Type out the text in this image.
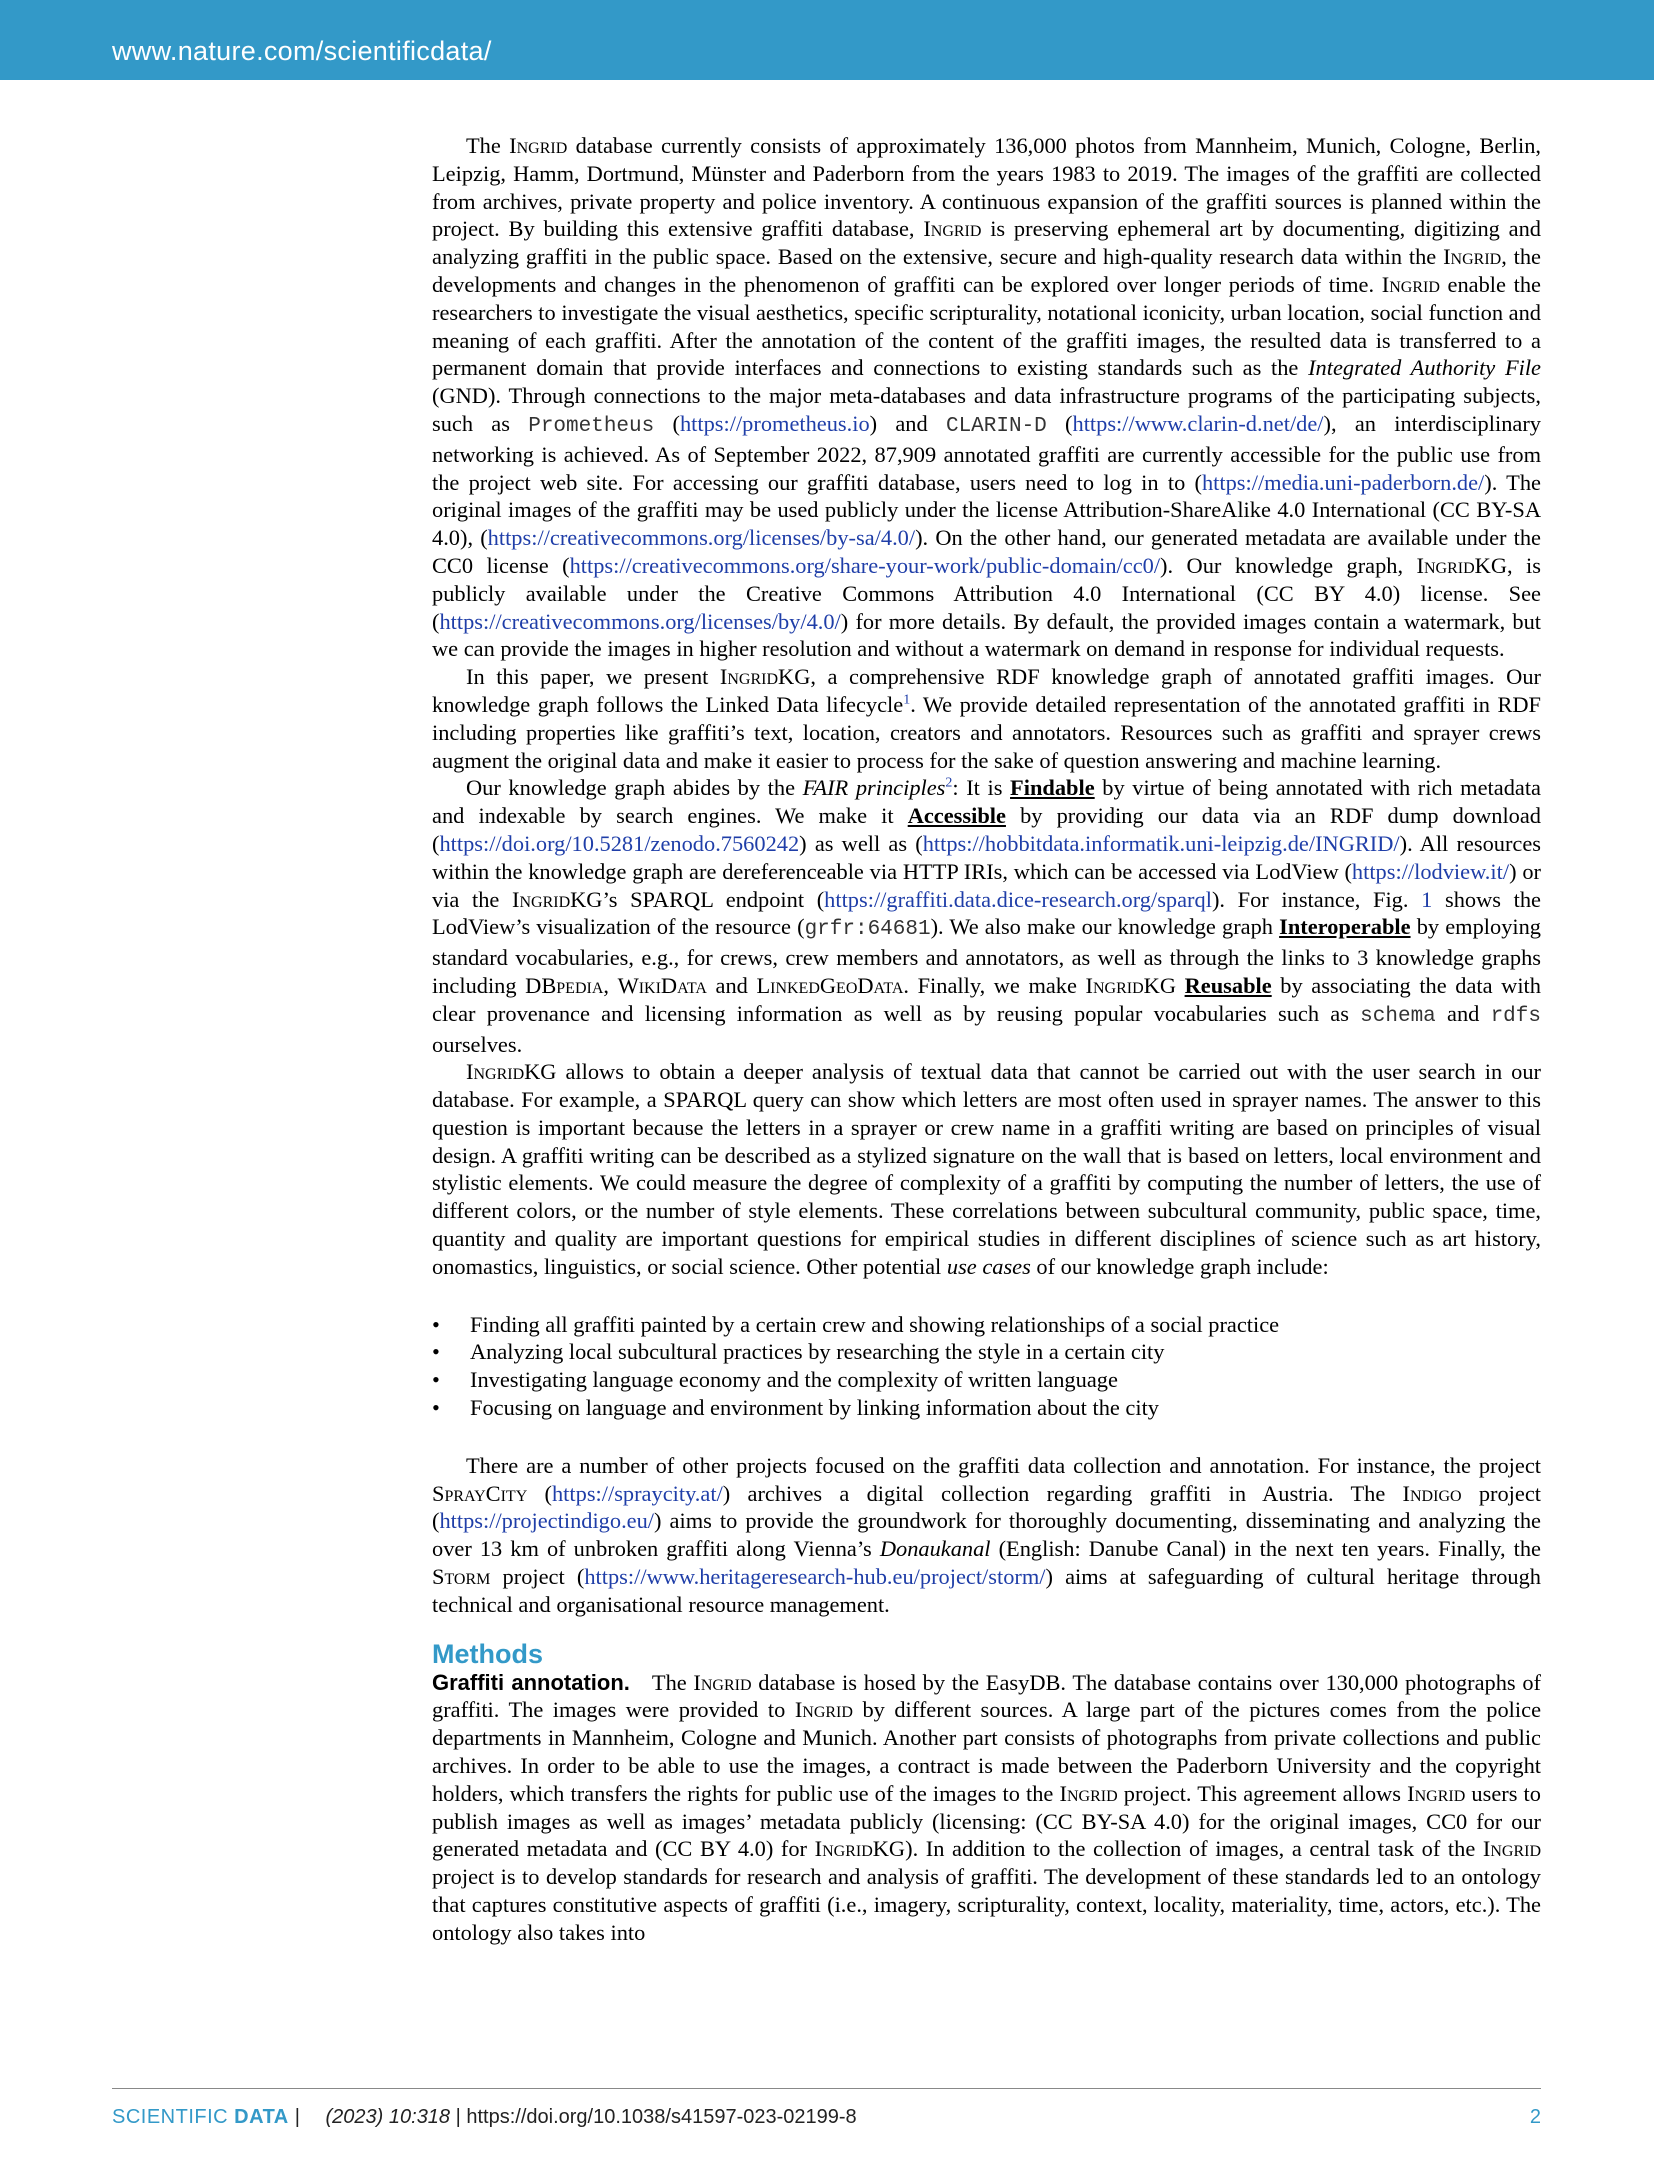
www.nature.com/scientificdata/

The Ingrid database currently consists of approximately 136,000 photos from Mannheim, Munich, Cologne, Berlin, Leipzig, Hamm, Dortmund, Münster and Paderborn from the years 1983 to 2019. The images of the graffiti are collected from archives, private property and police inventory. A continuous expansion of the graffiti sources is planned within the project. By building this extensive graffiti database, Ingrid is preserving ephemeral art by documenting, digitizing and analyzing graffiti in the public space. Based on the extensive, secure and high-quality research data within the Ingrid, the developments and changes in the phenomenon of graffiti can be explored over longer periods of time. Ingrid enable the researchers to investigate the visual aesthetics, specific scripturality, notational iconicity, urban location, social function and meaning of each graffiti. After the annotation of the content of the graffiti images, the resulted data is transferred to a permanent domain that provide interfaces and connections to existing standards such as the Integrated Authority File (GND). Through connections to the major meta-databases and data infrastructure programs of the participating subjects, such as Prometheus (https://prometheus.io) and CLARIN-D (https://www.clarin-d.net/de/), an interdisciplinary networking is achieved. As of September 2022, 87,909 annotated graffiti are currently accessible for the public use from the project web site. For accessing our graffiti database, users need to log in to (https://media.uni-paderborn.de/). The original images of the graffiti may be used publicly under the license Attribution-ShareAlike 4.0 International (CC BY-SA 4.0), (https://creativecommons.org/licenses/by-sa/4.0/). On the other hand, our generated metadata are available under the CC0 license (https://creativecommons.org/share-your-work/public-domain/cc0/). Our knowledge graph, IngridKG, is publicly available under the Creative Commons Attribution 4.0 International (CC BY 4.0) license. See (https://creativecommons.org/licenses/by/4.0/) for more details. By default, the provided images contain a watermark, but we can provide the images in higher resolution and without a watermark on demand in response for individual requests.

In this paper, we present IngridKG, a comprehensive RDF knowledge graph of annotated graffiti images. Our knowledge graph follows the Linked Data lifecycle$^1$. We provide detailed representation of the annotated graffiti in RDF including properties like graffiti’s text, location, creators and annotators. Resources such as graffiti and sprayer crews augment the original data and make it easier to process for the sake of question answering and machine learning.

Our knowledge graph abides by the FAIR principles$^2$: It is Findable by virtue of being annotated with rich metadata and indexable by search engines. We make it Accessible by providing our data via an RDF dump download (https://doi.org/10.5281/zenodo.7560242) as well as (https://hobbitdata.informatik.uni-leipzig.de/INGRID/). All resources within the knowledge graph are dereferenceable via HTTP IRIs, which can be accessed via LodView (https://lodview.it/) or via the IngridKG’s SPARQL endpoint (https://graffiti.data.dice-research.org/sparql). For instance, Fig. 1 shows the LodView’s visualization of the resource (grfr:64681). We also make our knowledge graph Interoperable by employing standard vocabularies, e.g., for crews, crew members and annotators, as well as through the links to 3 knowledge graphs including DBpedia, WikiData and LinkedGeoData. Finally, we make IngridKG Reusable by associating the data with clear provenance and licensing information as well as by reusing popular vocabularies such as schema and rdfs ourselves.

IngridKG allows to obtain a deeper analysis of textual data that cannot be carried out with the user search in our database. For example, a SPARQL query can show which letters are most often used in sprayer names. The answer to this question is important because the letters in a sprayer or crew name in a graffiti writing are based on principles of visual design. A graffiti writing can be described as a stylized signature on the wall that is based on letters, local environment and stylistic elements. We could measure the degree of complexity of a graffiti by computing the number of letters, the use of different colors, or the number of style elements. These correlations between subcultural community, public space, time, quantity and quality are important questions for empirical studies in different disciplines of science such as art history, onomastics, linguistics, or social science. Other potential use cases of our knowledge graph include:

• Finding all graffiti painted by a certain crew and showing relationships of a social practice
• Analyzing local subcultural practices by researching the style in a certain city
• Investigating language economy and the complexity of written language
• Focusing on language and environment by linking information about the city

There are a number of other projects focused on the graffiti data collection and annotation. For instance, the project SprayCity (https://spraycity.at/) archives a digital collection regarding graffiti in Austria. The Indigo project (https://projectindigo.eu/) aims to provide the groundwork for thoroughly documenting, disseminating and analyzing the over 13 km of unbroken graffiti along Vienna’s Donaukanal (English: Danube Canal) in the next ten years. Finally, the Storm project (https://www.heritageresearch-hub.eu/project/storm/) aims at safeguarding of cultural heritage through technical and organisational resource management.

Methods

Graffiti annotation. The Ingrid database is hosed by the EasyDB. The database contains over 130,000 photographs of graffiti. The images were provided to Ingrid by different sources. A large part of the pictures comes from the police departments in Mannheim, Cologne and Munich. Another part consists of photographs from private collections and public archives. In order to be able to use the images, a contract is made between the Paderborn University and the copyright holders, which transfers the rights for public use of the images to the Ingrid project. This agreement allows Ingrid users to publish images as well as images’ metadata publicly (licensing: (CC BY-SA 4.0) for the original images, CC0 for our generated metadata and (CC BY 4.0) for IngridKG). In addition to the collection of images, a central task of the Ingrid project is to develop standards for research and analysis of graffiti. The development of these standards led to an ontology that captures constitutive aspects of graffiti (i.e., imagery, scripturality, context, locality, materiality, time, actors, etc.). The ontology also takes into

SCIENTIFIC DATA | (2023) 10:318 | https://doi.org/10.1038/s41597-023-02199-8	2
